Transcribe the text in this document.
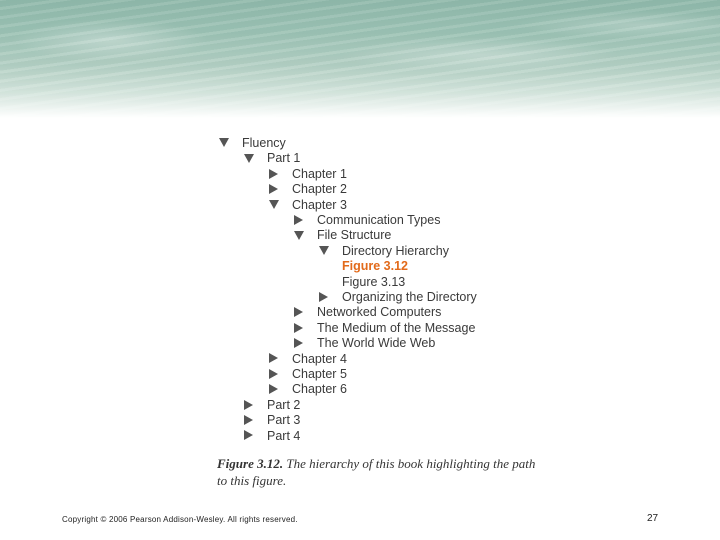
Fluency
Part 1
Chapter 1
Chapter 2
Chapter 3
Communication Types
File Structure
Directory Hierarchy
Figure 3.12
Figure 3.13
Organizing the Directory
Networked Computers
The Medium of the Message
The World Wide Web
Chapter 4
Chapter 5
Chapter 6
Part 2
Part 3
Part 4
Figure 3.12. The hierarchy of this book highlighting the path to this figure.
Copyright © 2006 Pearson Addison-Wesley. All rights reserved.	27
